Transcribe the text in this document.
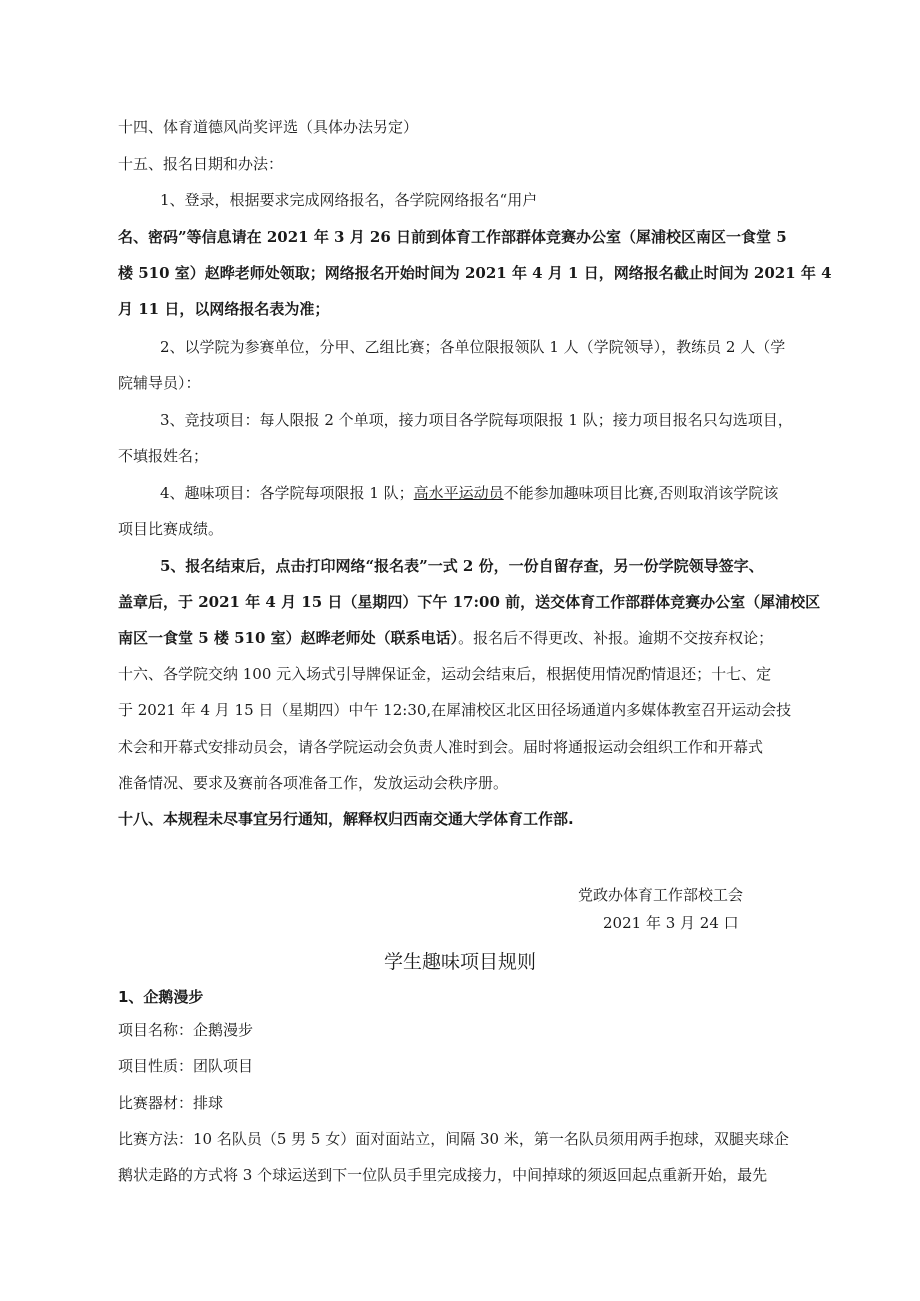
十四、体育道德风尚奖评选（具体办法另定）
十五、报名日期和办法：
1、登录，根据要求完成网络报名，各学院网络报名“用户
名、密码”等信息请在 2021 年 3 月 26 日前到体育工作部群体竞赛办公室（犀浦校区南区一食堂 5
楼 510 室）赵晔老师处领取；网络报名开始时间为 2021 年 4 月 1 日，网络报名截止时间为 2021 年 4
月 11 日，以网络报名表为准；
2、以学院为参赛单位，分甲、乙组比赛；各单位限报领队 1 人（学院领导），教练员 2 人（学
院辅导员）：
3、竞技项目：每人限报 2 个单项，接力项目各学院每项限报 1 队；接力项目报名只勾选项目，
不填报姓名；
4、趣味项目：各学院每项限报 1 队；高水平运动员不能参加趣味项目比赛,否则取消该学院该
项目比赛成绩。
5、报名结束后，点击打印网络“报名表”一式 2 份，一份自留存查，另一份学院领导签字、
盖章后，于 2021 年 4 月 15 日（星期四）下午 17:00 前，送交体育工作部群体竞赛办公室（犀浦校区
南区一食堂 5 楼 510 室）赵晔老师处（联系电话）。报名后不得更改、补报。逾期不交按弃权论；
十六、各学院交纳 100 元入场式引导牌保证金，运动会结束后，根据使用情况酌情退还；十七、定
于 2021 年 4 月 15 日（星期四）中午 12:30,在犀浦校区北区田径场通道内多媒体教室召开运动会技
术会和开幕式安排动员会，请各学院运动会负责人准时到会。届时将通报运动会组织工作和开幕式
准备情况、要求及赛前各项准备工作，发放运动会秩序册。
十八、本规程未尽事宜另行通知，解释权归西南交通大学体育工作部.
党政办体育工作部校工会
2021 年 3 月 24 口
学生趣味项目规则
1、企鹅漫步
项目名称：企鹅漫步
项目性质：团队项目
比赛器材：排球
比赛方法：10 名队员（5 男 5 女）面对面站立，间隔 30 米，第一名队员须用两手抱球，双腿夹球企
鹅状走路的方式将 3 个球运送到下一位队员手里完成接力，中间掉球的须返回起点重新开始，最先
